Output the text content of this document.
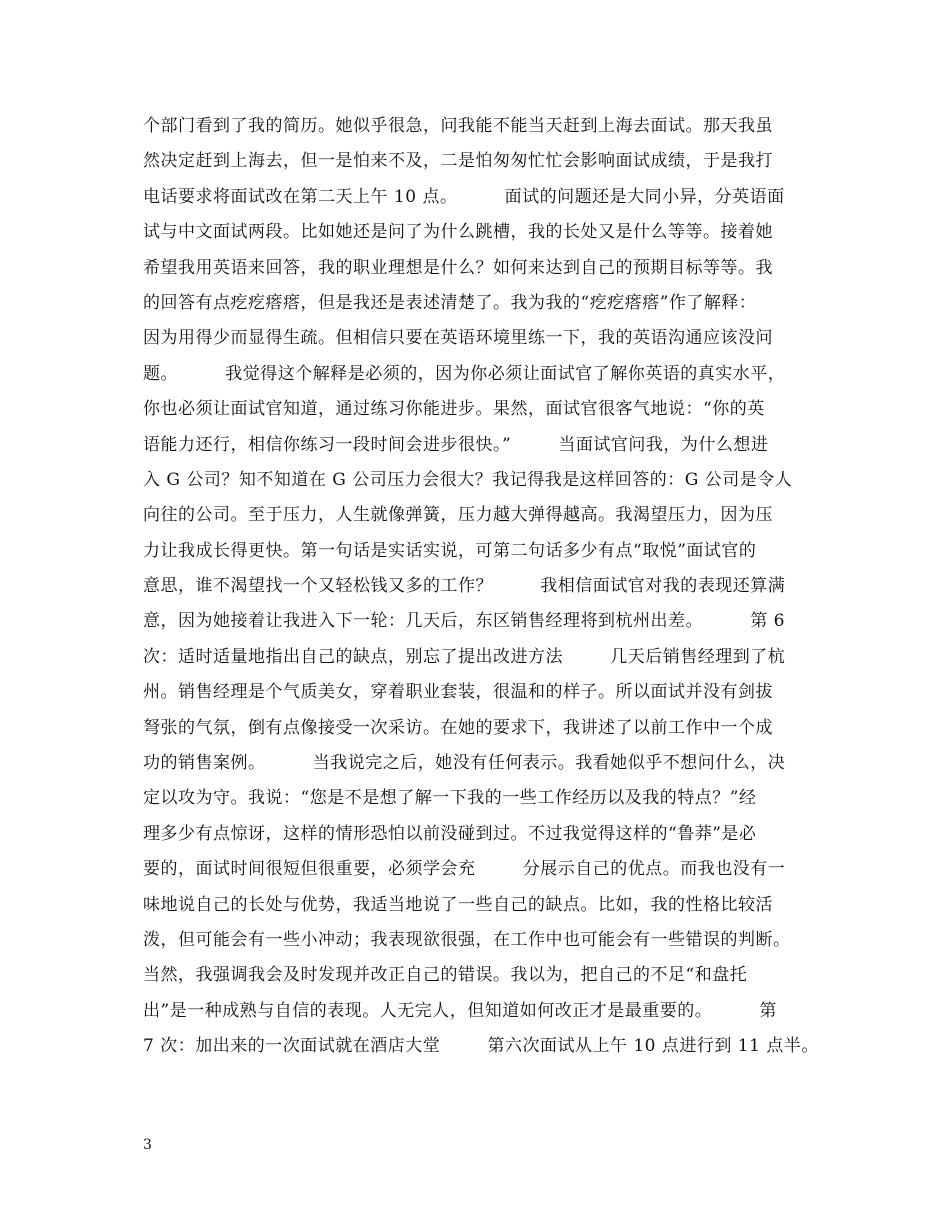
个部门看到了我的简历。她似乎很急，问我能不能当天赶到上海去面试。那天我虽
然决定赶到上海去，但一是怕来不及，二是怕匆匆忙忙会影响面试成绩，于是我打
电话要求将面试改在第二天上午 10 点。        面试的问题还是大同小异，分英语面
试与中文面试两段。比如她还是问了为什么跳槽，我的长处又是什么等等。接着她
希望我用英语来回答，我的职业理想是什么？如何来达到自己的预期目标等等。我
的回答有点疙疙瘩瘩，但是我还是表述清楚了。我为我的“疙疙瘩瘩”作了解释：
因为用得少而显得生疏。但相信只要在英语环境里练一下，我的英语沟通应该没问
题。        我觉得这个解释是必须的，因为你必须让面试官了解你英语的真实水平，
你也必须让面试官知道，通过练习你能进步。果然，面试官很客气地说：“你的英
语能力还行，相信你练习一段时间会进步很快。”        当面试官问我，为什么想进
入 G 公司？知不知道在 G 公司压力会很大？我记得我是这样回答的：G 公司是令人
向往的公司。至于压力，人生就像弹簧，压力越大弹得越高。我渴望压力，因为压
力让我成长得更快。第一句话是实话实说，可第二句话多少有点“取悦”面试官的
意思，谁不渴望找一个又轻松钱又多的工作？        我相信面试官对我的表现还算满
意，因为她接着让我进入下一轮：几天后，东区销售经理将到杭州出差。        第 6
次：适时适量地指出自己的缺点，别忘了提出改进方法        几天后销售经理到了杭
州。销售经理是个气质美女，穿着职业套装，很温和的样子。所以面试并没有剑拔
弩张的气氛，倒有点像接受一次采访。在她的要求下，我讲述了以前工作中一个成
功的销售案例。        当我说完之后，她没有任何表示。我看她似乎不想问什么，决
定以攻为守。我说：“您是不是想了解一下我的一些工作经历以及我的特点？”经
理多少有点惊讶，这样的情形恐怕以前没碰到过。不过我觉得这样的“鲁莽”是必
要的，面试时间很短但很重要，必须学会充        分展示自己的优点。而我也没有一
味地说自己的长处与优势，我适当地说了一些自己的缺点。比如，我的性格比较活
泼，但可能会有一些小冲动；我表现欲很强，在工作中也可能会有一些错误的判断。
当然，我强调我会及时发现并改正自己的错误。我以为，把自己的不足“和盘托
出”是一种成熟与自信的表现。人无完人，但知道如何改正才是最重要的。        第
7 次：加出来的一次面试就在酒店大堂        第六次面试从上午 10 点进行到 11 点半。
3
